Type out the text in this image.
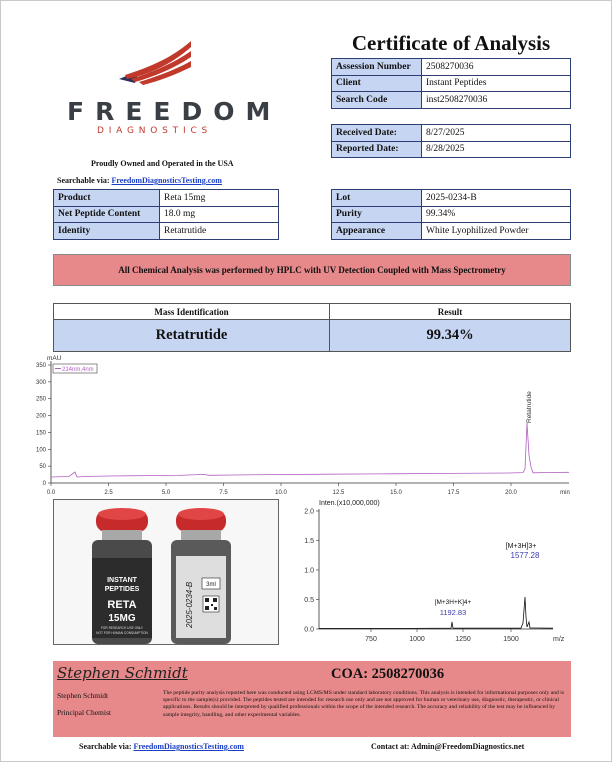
FREEDOM
DIAGNOSTICS
Proudly Owned and Operated in the USA
Searchable via: FreedomDiagnosticsTesting.com
Certificate of Analysis
Assession Number	2508270036
Client	Instant Peptides
Search Code	inst2508270036
Received Date:	8/27/2025
Reported Date:	8/28/2025
Product	Reta 15mg
Net Peptide Content	18.0 mg
Identity	Retatrutide
Lot	2025-0234-B
Purity	99.34%
Appearance	White Lyophilized Powder
All Chemical Analysis was performed by HPLC with UV Detection Coupled with Mass Spectrometry
Mass Identification	Result
Retatrutide	99.34%
mAU
0
50
100
150
200
250
300
350
0.0	2.5	5.0	7.5	10.0	12.5	15.0	17.5	20.0	min
214nm,4nm
Retatrutide
INSTANT
PEPTIDES
RETA
15MG
FOR RESEARCH USE ONLY
NOT FOR HUMAN CONSUMPTION
2025-0234-B 3ml
Inten.(x10,000,000)
0.0
0.5
1.0
1.5
2.0
750	1000	1250	1500	m/z
[M+3H]3+
1577.28
[M+3H+K]4+
1192.83
Stephen Schmidt	COA: 2508270036
Stephen Schmidt
Principal Chemist
The peptide purity analysis reported here was conducted using LCMS/MS under standard laboratory conditions. This analysis is intended for informational purposes only and is specific to the sample(s) provided. The peptides tested are intended for research use only and are not approved for human or veterinary use, diagnostic, therapeutic, or clinical applications. Results should be interpreted by qualified professionals within the scope of the intended research. The accuracy and reliability of the test may be influenced by sample integrity, handling, and other experimental variables.
Searchable via: FreedomDiagnosticsTesting.com	Contact at: Admin@FreedomDiagnostics.net
